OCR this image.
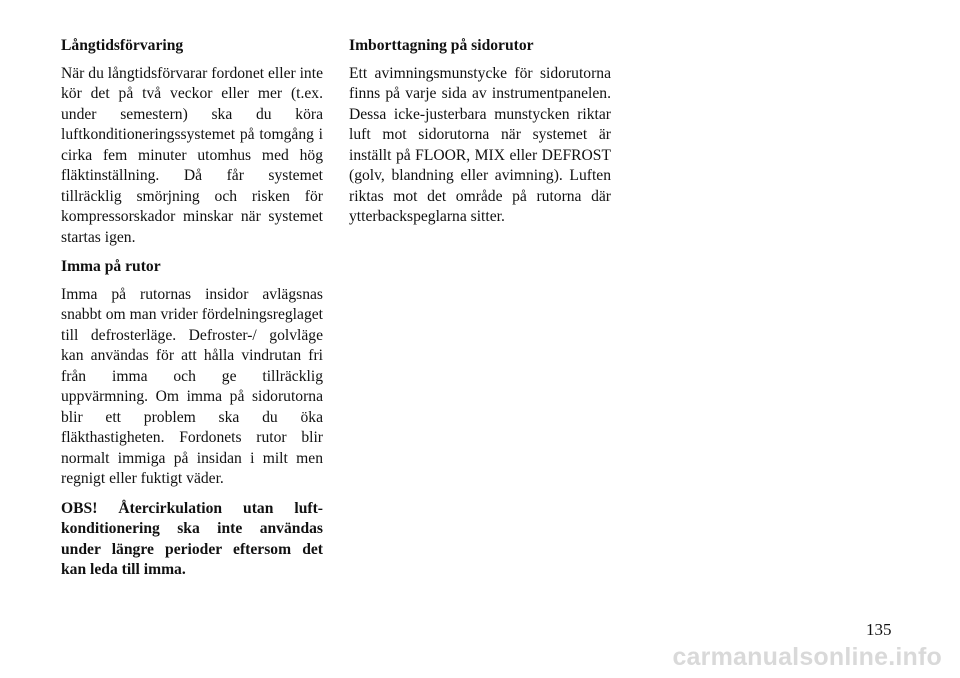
Långtidsförvaring

När du långtidsförvarar fordonet eller inte kör det på två veckor eller mer (t.ex. under semestern) ska du köra luftkonditioneringssystemet på tomgång i cirka fem minuter utomhus med hög fläktinställning. Då får systemet tillräcklig smörjning och risken för kompressorskador minskar när systemet startas igen.

Imma på rutor

Imma på rutornas insidor avlägsnas snabbt om man vrider fördelningsreglaget till defrosterläge. Defroster-/ golvläge kan användas för att hålla vindrutan fri från imma och ge tillräcklig uppvärmning. Om imma på sidorutorna blir ett problem ska du öka fläkthastigheten. Fordonets rutor blir normalt immiga på insidan i milt men regnigt eller fuktigt väder.

OBS! Återcirkulation utan luftkonditionering ska inte användas under längre perioder eftersom det kan leda till imma.

Imborttagning på sidorutor

Ett avimningsmunstycke för sidorutorna finns på varje sida av instrumentpanelen. Dessa icke-justerbara munstycken riktar luft mot sidorutorna när systemet är inställt på FLOOR, MIX eller DEFROST (golv, blandning eller avimning). Luften riktas mot det område på rutorna där ytterbackspeglarna sitter.

135
carmanualsonline.info
